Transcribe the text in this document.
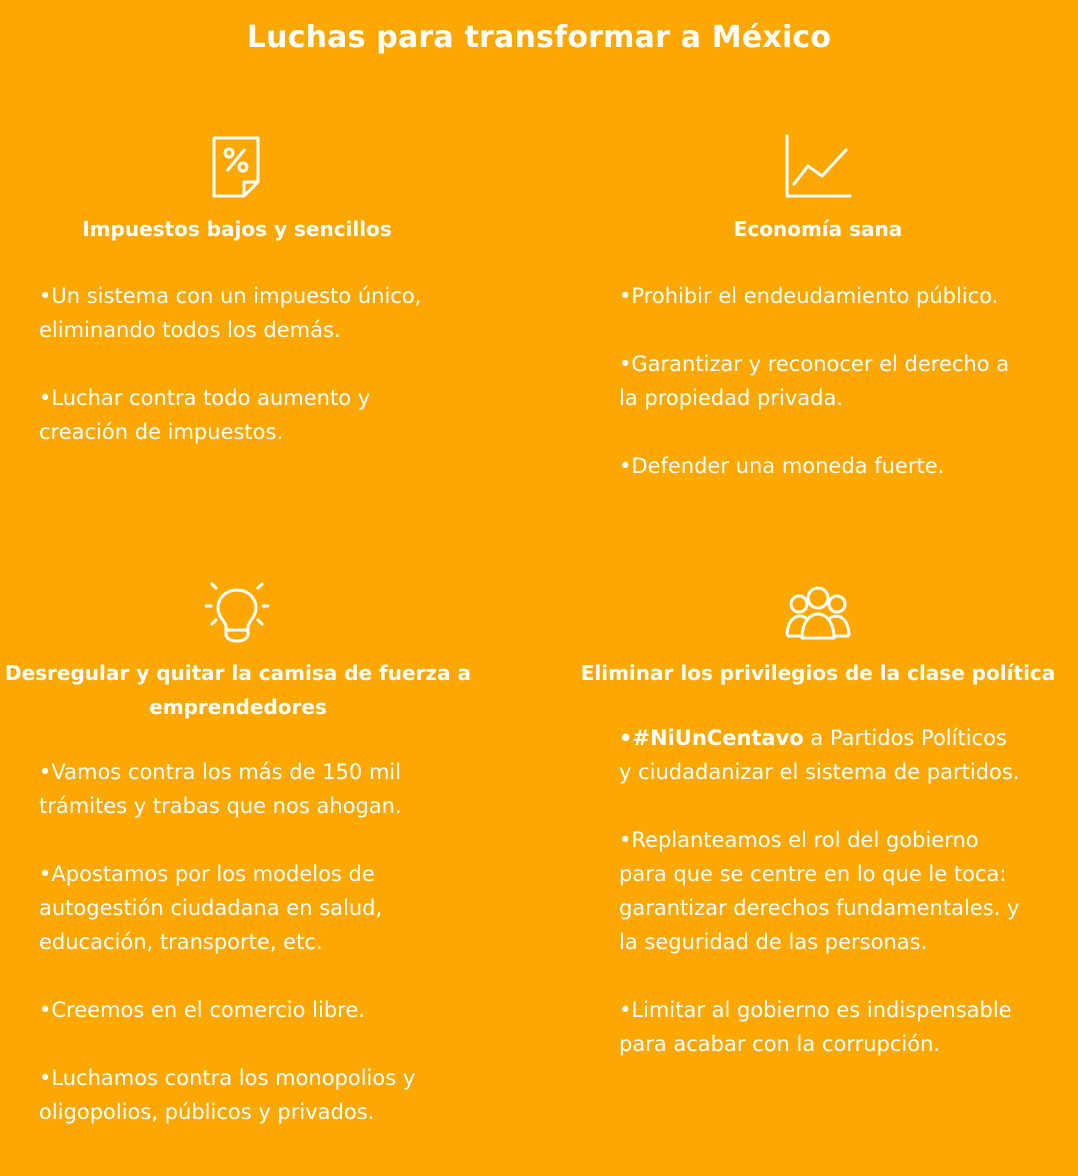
Luchas para transformar a México
Impuestos bajos y sencillos
•Un sistema con un impuesto único, eliminando todos los demás.
•Luchar contra todo aumento y creación de impuestos.
Economía sana
•Prohibir el endeudamiento público.
•Garantizar y reconocer el derecho a la propiedad privada.
•Defender una moneda fuerte.
Desregular y quitar la camisa de fuerza a emprendedores
•Vamos contra los más de 150 mil trámites y trabas que nos ahogan.
•Apostamos por los modelos de autogestión ciudadana en salud, educación, transporte, etc.
•Creemos en el comercio libre.
•Luchamos contra los monopolios y oligopolios, públicos y privados.
Eliminar los privilegios de la clase política
•#NiUnCentavo a Partidos Políticos y ciudadanizar el sistema de partidos.
•Replanteamos el rol del gobierno para que se centre en lo que le toca: garantizar derechos fundamentales. y la seguridad de las personas.
•Limitar al gobierno es indispensable para acabar con la corrupción.
